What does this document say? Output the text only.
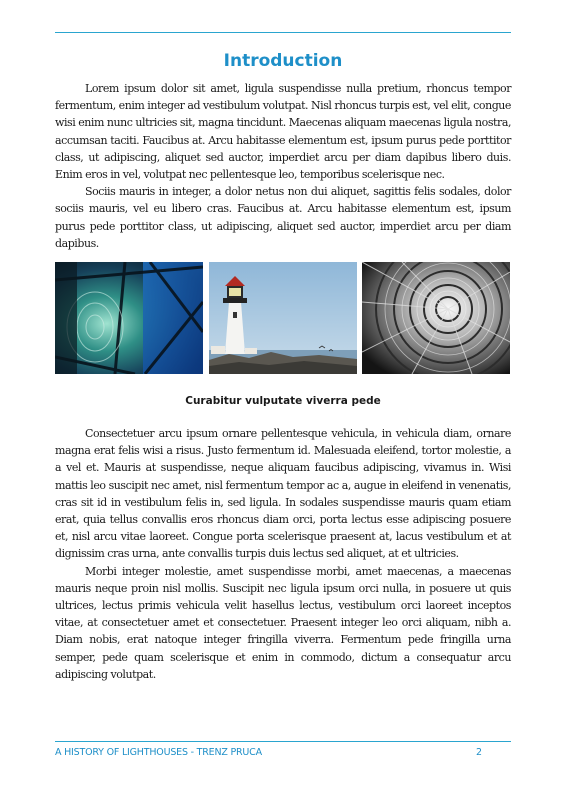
Introduction

Lorem ipsum dolor sit amet, ligula suspendisse nulla pretium, rhoncus tempor fermentum, enim integer ad vestibulum volutpat. Nisl rhoncus turpis est, vel elit, congue wisi enim nunc ultricies sit, magna tincidunt. Maecenas aliquam maecenas ligula nostra, accumsan taciti. Faucibus at. Arcu habitasse elementum est, ipsum purus pede porttitor class, ut adipiscing, aliquet sed auctor, imperdiet arcu per diam dapibus libero duis. Enim eros in vel, volutpat nec pellentesque leo, temporibus scelerisque nec.

Sociis mauris in integer, a dolor netus non dui aliquet, sagittis felis sodales, dolor sociis mauris, vel eu libero cras. Faucibus at. Arcu habitasse elementum est, ipsum purus pede porttitor class, ut adipiscing, aliquet sed auctor, imperdiet arcu per diam dapibus.

Curabitur vulputate viverra pede

Consectetuer arcu ipsum ornare pellentesque vehicula, in vehicula diam, ornare magna erat felis wisi a risus. Justo fermentum id. Malesuada eleifend, tortor molestie, a a vel et. Mauris at suspendisse, neque aliquam faucibus adipiscing, vivamus in. Wisi mattis leo suscipit nec amet, nisl fermentum tempor ac a, augue in eleifend in venenatis, cras sit id in vestibulum felis in, sed ligula. In sodales suspendisse mauris quam etiam erat, quia tellus convallis eros rhoncus diam orci, porta lectus esse adipiscing posuere et, nisl arcu vitae laoreet. Congue porta scelerisque praesent at, lacus vestibulum et at dignissim cras urna, ante convallis turpis duis lectus sed aliquet, at et ultricies.

Morbi integer molestie, amet suspendisse morbi, amet maecenas, a maecenas mauris neque proin nisl mollis. Suscipit nec ligula ipsum orci nulla, in posuere ut quis ultrices, lectus primis vehicula velit hasellus lectus, vestibulum orci laoreet inceptos vitae, at consectetuer amet et consectetuer. Praesent integer leo orci aliquam, nibh a. Diam nobis, erat natoque integer fringilla viverra. Fermentum pede fringilla urna semper, pede quam scelerisque et enim in commodo, dictum a consequatur arcu adipiscing volutpat.

A HISTORY OF LIGHTHOUSES - TRENZ PRUCA	2
